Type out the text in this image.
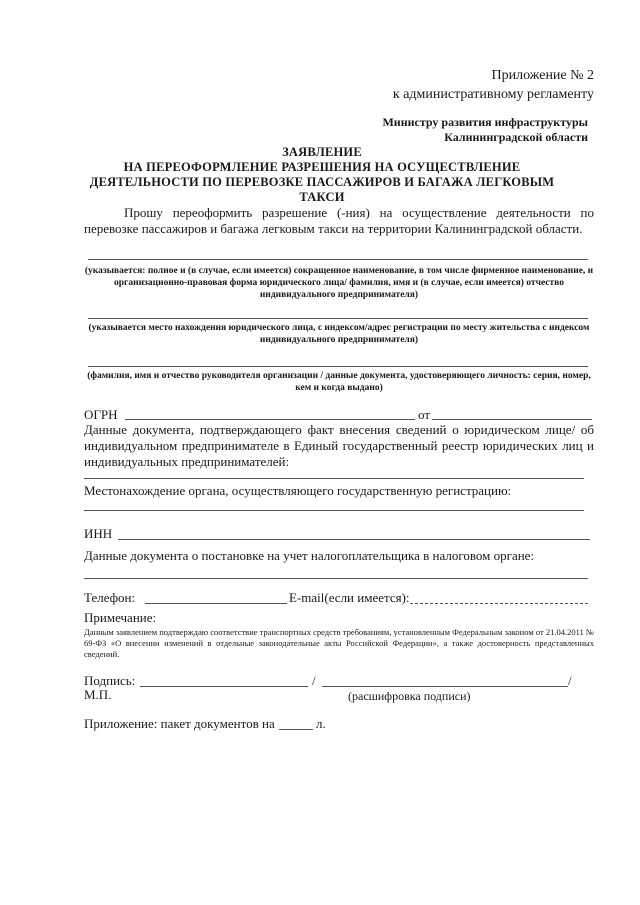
Приложение № 2
к административному регламенту
Министру развития инфраструктуры
Калининградской области
ЗАЯВЛЕНИЕ
НА ПЕРЕОФОРМЛЕНИЕ РАЗРЕШЕНИЯ НА ОСУЩЕСТВЛЕНИЕ
ДЕЯТЕЛЬНОСТИ ПО ПЕРЕВОЗКЕ ПАССАЖИРОВ И БАГАЖА ЛЕГКОВЫМ
ТАКСИ
Прошу переоформить разрешение (-ния) на осуществление деятельности по перевозке пассажиров и багажа легковым такси на территории Калининградской области.
(указывается: полное и (в случае, если имеется) сокращенное наименование, в том числе фирменное наименование, и организационно-правовая форма юридического лица/ фамилия, имя и (в случае, если имеется) отчество индивидуального предпринимателя)
(указывается место нахождения юридического лица, с индексом/адрес регистрации по месту жительства с индексом индивидуального предпринимателя)
(фамилия, имя и отчество руководителя организации / данные документа, удостоверяющего личность: серия, номер, кем и когда выдано)
ОГРН	от
Данные документа, подтверждающего факт внесения сведений о юридическом лице/ об индивидуальном предпринимателе в Единый государственный реестр юридических лиц и индивидуальных предпринимателей:
Местонахождение органа, осуществляющего государственную регистрацию:
ИНН
Данные документа о постановке на учет налогоплательщика в налоговом органе:
Телефон:	E-mail(если имеется):
Примечание:
Данным заявлением подтверждаю соответствие транспортных средств требованиям, установленным Федеральным законом от 21.04.2011 № 69-ФЗ «О внесении изменений в отдельные законодательные акты Российской Федерации», а также достоверность представленных сведений.
Подпись:	/	/
М.П.	(расшифровка подписи)
Приложение: пакет документов на	л.
